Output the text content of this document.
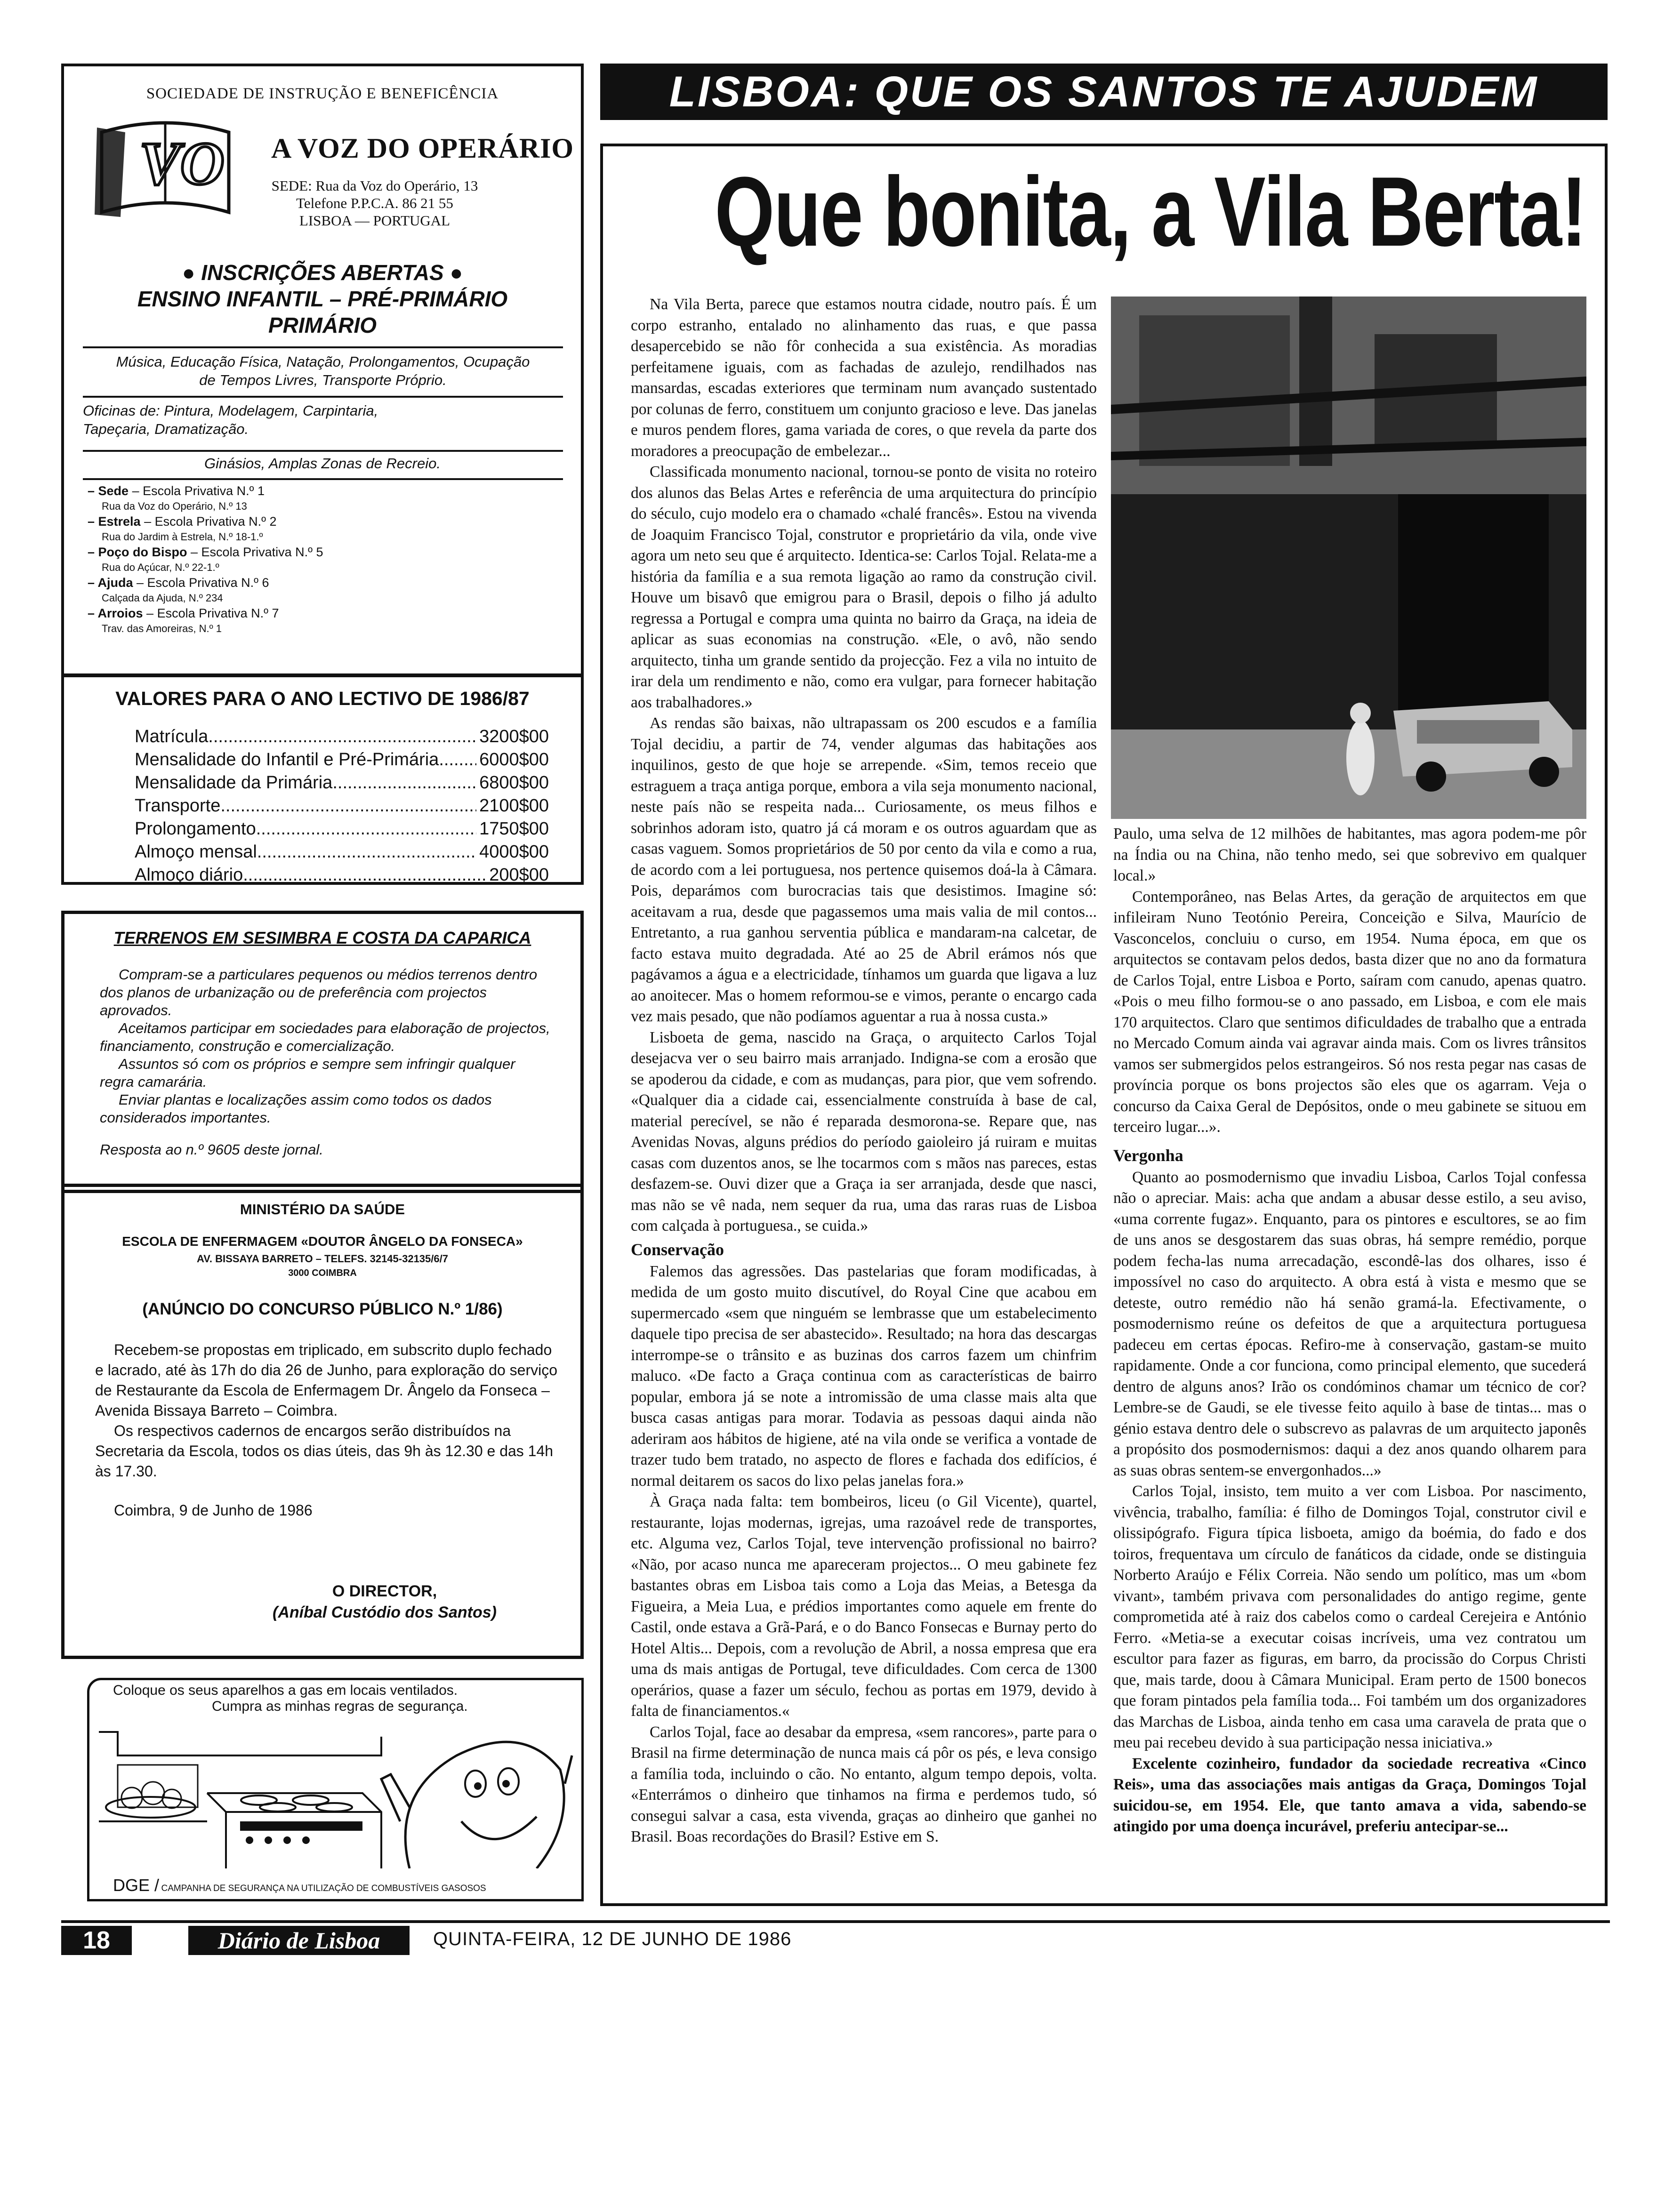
SOCIEDADE DE INSTRUÇÃO E BENEFICÊNCIA
VO A VOZ DO OPERÁRIO
SEDE: Rua da Voz do Operário, 13
Telefone P.P.C.A. 86 21 55
LISBOA — PORTUGAL
● INSCRIÇÕES ABERTAS ●
ENSINO INFANTIL – PRÉ-PRIMÁRIO
PRIMÁRIO
Música, Educação Física, Natação, Prolongamentos, Ocupação de Tempos Livres, Transporte Próprio.
Oficinas de: Pintura, Modelagem, Carpintaria, Tapeçaria, Dramatização.
Ginásios, Amplas Zonas de Recreio.
– Sede – Escola Privativa N.º 1
Rua da Voz do Operário, N.º 13
– Estrela – Escola Privativa N.º 2
Rua do Jardim à Estrela, N.º 18-1.º
– Poço do Bispo – Escola Privativa N.º 5
Rua do Açúcar, N.º 22-1.º
– Ajuda – Escola Privativa N.º 6
Calçada da Ajuda, N.º 234
– Arroios – Escola Privativa N.º 7
Trav. das Amoreiras, N.º 1
VALORES PARA O ANO LECTIVO DE 1986/87
Matrícula .....	3200$00
Mensalidade do Infantil e Pré-Primária ..... 6000$00
Mensalidade da Primária .....	6800$00
Transporte .....	2100$00
Prolongamento .....	1750$00
Almoço mensal .....	4000$00
Almoço diário .....	200$00
TERRENOS EM SESIMBRA E COSTA DA CAPARICA

Compram-se a particulares pequenos ou médios terrenos dentro dos planos de urbanização ou de preferência com projectos aprovados.

Aceitamos participar em sociedades para elaboração de projectos, financiamento, construção e comercialização.

Assuntos só com os próprios e sempre sem infringir qualquer regra camarária.

Enviar plantas e localizações assim como todos os dados considerados importantes.

Resposta ao n.º 9605 deste jornal.

MINISTÉRIO DA SAÚDE
ESCOLA DE ENFERMAGEM «DOUTOR ÂNGELO DA FONSECA»
AV. BISSAYA BARRETO – TELEFS. 32145-32135/6/7
3000 COIMBRA
(ANÚNCIO DO CONCURSO PÚBLICO N.º 1/86)

Recebem-se propostas em triplicado, em subscrito duplo fechado e lacrado, até às 17h do dia 26 de Junho, para exploração do serviço de Restaurante da Escola de Enfermagem Dr. Ângelo da Fonseca – Avenida Bissaya Barreto – Coimbra.

Os respectivos cadernos de encargos serão distribuídos na Secretaria da Escola, todos os dias úteis, das 9h às 12.30 e das 14h às 17.30.

Coimbra, 9 de Junho de 1986

O DIRECTOR,
(Aníbal Custódio dos Santos)
Coloque os seus aparelhos a gas em locais ventilados.
Cumpra as minhas regras de segurança.
DGE / CAMPANHA DE SEGURANÇA NA UTILIZAÇÃO DE COMBUSTÍVEIS GASOSOS
LISBOA: QUE OS SANTOS TE AJUDEM
Que bonita, a Vila Berta!

Na Vila Berta, parece que estamos noutra cidade, noutro país. É um corpo estranho, entalado no alinhamento das ruas, e que passa desapercebido se não fôr conhecida a sua existência. As moradias perfeitamene iguais, com as fachadas de azulejo, rendilhados nas mansardas, escadas exteriores que terminam num avançado sustentado por colunas de ferro, constituem um conjunto gracioso e leve. Das janelas e muros pendem flores, gama variada de cores, o que revela da parte dos moradores a preocupação de embelezar...

Classificada monumento nacional, tornou-se ponto de visita no roteiro dos alunos das Belas Artes e referência de uma arquitectura do princípio do século, cujo modelo era o chamado «chalé francês». Estou na vivenda de Joaquim Francisco Tojal, construtor e proprietário da vila, onde vive agora um neto seu que é arquitecto. Identica-se: Carlos Tojal. Relata-me a história da família e a sua remota ligação ao ramo da construção civil. Houve um bisavô que emigrou para o Brasil, depois o filho já adulto regressa a Portugal e compra uma quinta no bairro da Graça, na ideia de aplicar as suas economias na construção. «Ele, o avô, não sendo arquitecto, tinha um grande sentido da projecção. Fez a vila no intuito de irar dela um rendimento e não, como era vulgar, para fornecer habitação aos trabalhadores.»

As rendas são baixas, não ultrapassam os 200 escudos e a família Tojal decidiu, a partir de 74, vender algumas das habitações aos inquilinos, gesto de que hoje se arrepende. «Sim, temos receio que estraguem a traça antiga porque, embora a vila seja monumento nacional, neste país não se respeita nada... Curiosamente, os meus filhos e sobrinhos adoram isto, quatro já cá moram e os outros aguardam que as casas vaguem. Somos proprietários de 50 por cento da vila e como a rua, de acordo com a lei portuguesa, nos pertence quisemos doá-la à Câmara. Pois, deparámos com burocracias tais que desistimos. Imagine só: aceitavam a rua, desde que pagassemos uma mais valia de mil contos... Entretanto, a rua ganhou serventia pública e mandaram-na calcetar, de facto estava muito degradada. Até ao 25 de Abril erámos nós que pagávamos a água e a electricidade, tínhamos um guarda que ligava a luz ao anoitecer. Mas o homem reformou-se e vimos, perante o encargo cada vez mais pesado, que não podíamos aguentar a rua à nossa custa.»

Lisboeta de gema, nascido na Graça, o arquitecto Carlos Tojal desejacva ver o seu bairro mais arranjado. Indigna-se com a erosão que se apoderou da cidade, e com as mudanças, para pior, que vem sofrendo. «Qualquer dia a cidade cai, essencialmente construída à base de cal, material perecível, se não é reparada desmorona-se. Repare que, nas Avenidas Novas, alguns prédios do período gaioleiro já ruiram e muitas casas com duzentos anos, se lhe tocarmos com s mãos nas pareces, estas desfazem-se. Ouvi dizer que a Graça ia ser arranjada, desde que nasci, mas não se vê nada, nem sequer da rua, uma das raras ruas de Lisboa com calçada à portuguesa., se cuida.»

Conservação

Falemos das agressões. Das pastelarias que foram modificadas, à medida de um gosto muito discutível, do Royal Cine que acabou em supermercado «sem que ninguém se lembrasse que um estabelecimento daquele tipo precisa de ser abastecido». Resultado; na hora das descargas interrompe-se o trânsito e as buzinas dos carros fazem um chinfrim maluco. «De facto a Graça continua com as características de bairro popular, embora já se note a intromissão de uma classe mais alta que busca casas antigas para morar. Todavia as pessoas daqui ainda não aderiram aos hábitos de higiene, até na vila onde se verifica a vontade de trazer tudo bem tratado, no aspecto de flores e fachada dos edifícios, é normal deitarem os sacos do lixo pelas janelas fora.»

À Graça nada falta: tem bombeiros, liceu (o Gil Vicente), quartel, restaurante, lojas modernas, igrejas, uma razoável rede de transportes, etc. Alguma vez, Carlos Tojal, teve intervenção profissional no bairro? «Não, por acaso nunca me apareceram projectos... O meu gabinete fez bastantes obras em Lisboa tais como a Loja das Meias, a Betesga da Figueira, a Meia Lua, e prédios importantes como aquele em frente do Castil, onde estava a Grã-Pará, e o do Banco Fonsecas e Burnay perto do Hotel Altis... Depois, com a revolução de Abril, a nossa empresa que era uma ds mais antigas de Portugal, teve dificuldades. Com cerca de 1300 operários, quase a fazer um século, fechou as portas em 1979, devido à falta de financiamentos.«

Carlos Tojal, face ao desabar da empresa, «sem rancores», parte para o Brasil na firme determinação de nunca mais cá pôr os pés, e leva consigo a família toda, incluindo o cão. No entanto, algum tempo depois, volta. «Enterrámos o dinheiro que tinhamos na firma e perdemos tudo, só consegui salvar a casa, esta vivenda, graças ao dinheiro que ganhei no Brasil. Boas recordações do Brasil? Estive em S.

Paulo, uma selva de 12 milhões de habitantes, mas agora podem-me pôr na Índia ou na China, não tenho medo, sei que sobrevivo em qualquer local.»

Contemporâneo, nas Belas Artes, da geração de arquitectos em que infileiram Nuno Teotónio Pereira, Conceição e Silva, Maurício de Vasconcelos, concluiu o curso, em 1954. Numa época, em que os arquitectos se contavam pelos dedos, basta dizer que no ano da formatura de Carlos Tojal, entre Lisboa e Porto, saíram com canudo, apenas quatro. «Pois o meu filho formou-se o ano passado, em Lisboa, e com ele mais 170 arquitectos. Claro que sentimos dificuldades de trabalho que a entrada no Mercado Comum ainda vai agravar ainda mais. Com os livres trânsitos vamos ser submergidos pelos estrangeiros. Só nos resta pegar nas casas de província porque os bons projectos são eles que os agarram. Veja o concurso da Caixa Geral de Depósitos, onde o meu gabinete se situou em terceiro lugar...».

Vergonha

Quanto ao posmodernismo que invadiu Lisboa, Carlos Tojal confessa não o apreciar. Mais: acha que andam a abusar desse estilo, a seu aviso, «uma corrente fugaz». Enquanto, para os pintores e escultores, se ao fim de uns anos se desgostarem das suas obras, há sempre remédio, porque podem fecha-las numa arrecadação, escondê-las dos olhares, isso é impossível no caso do arquitecto. A obra está à vista e mesmo que se deteste, outro remédio não há senão gramá-la. Efectivamente, o posmodernismo reúne os defeitos de que a arquitectura portuguesa padeceu em certas épocas. Refiro-me à conservação, gastam-se muito rapidamente. Onde a cor funciona, como principal elemento, que sucederá dentro de alguns anos? Irão os condóminos chamar um técnico de cor? Lembre-se de Gaudi, se ele tivesse feito aquilo à base de tintas... mas o génio estava dentro dele o subscrevo as palavras de um arquitecto japonês a propósito dos posmodernismos: daqui a dez anos quando olharem para as suas obras sentem-se envergonhados...»

Carlos Tojal, insisto, tem muito a ver com Lisboa. Por nascimento, vivência, trabalho, família: é filho de Domingos Tojal, construtor civil e olissipógrafo. Figura típica lisboeta, amigo da boémia, do fado e dos toiros, frequentava um círculo de fanáticos da cidade, onde se distinguia Norberto Araújo e Félix Correia. Não sendo um político, mas um «bom vivant», também privava com personalidades do antigo regime, gente comprometida até à raiz dos cabelos como o cardeal Cerejeira e António Ferro. «Metia-se a executar coisas incríveis, uma vez contratou um escultor para fazer as figuras, em barro, da procissão do Corpus Christi que, mais tarde, doou à Câmara Municipal. Eram perto de 1500 bonecos que foram pintados pela família toda... Foi também um dos organizadores das Marchas de Lisboa, ainda tenho em casa uma caravela de prata que o meu pai recebeu devido à sua participação nessa iniciativa.»

Excelente cozinheiro, fundador da sociedade recreativa «Cinco Reis», uma das associações mais antigas da Graça, Domingos Tojal suicidou-se, em 1954. Ele, que tanto amava a vida, sabendo-se atingido por uma doença incurável, preferiu antecipar-se...

18	Diário de Lisboa	QUINTA-FEIRA, 12 DE JUNHO DE 1986
